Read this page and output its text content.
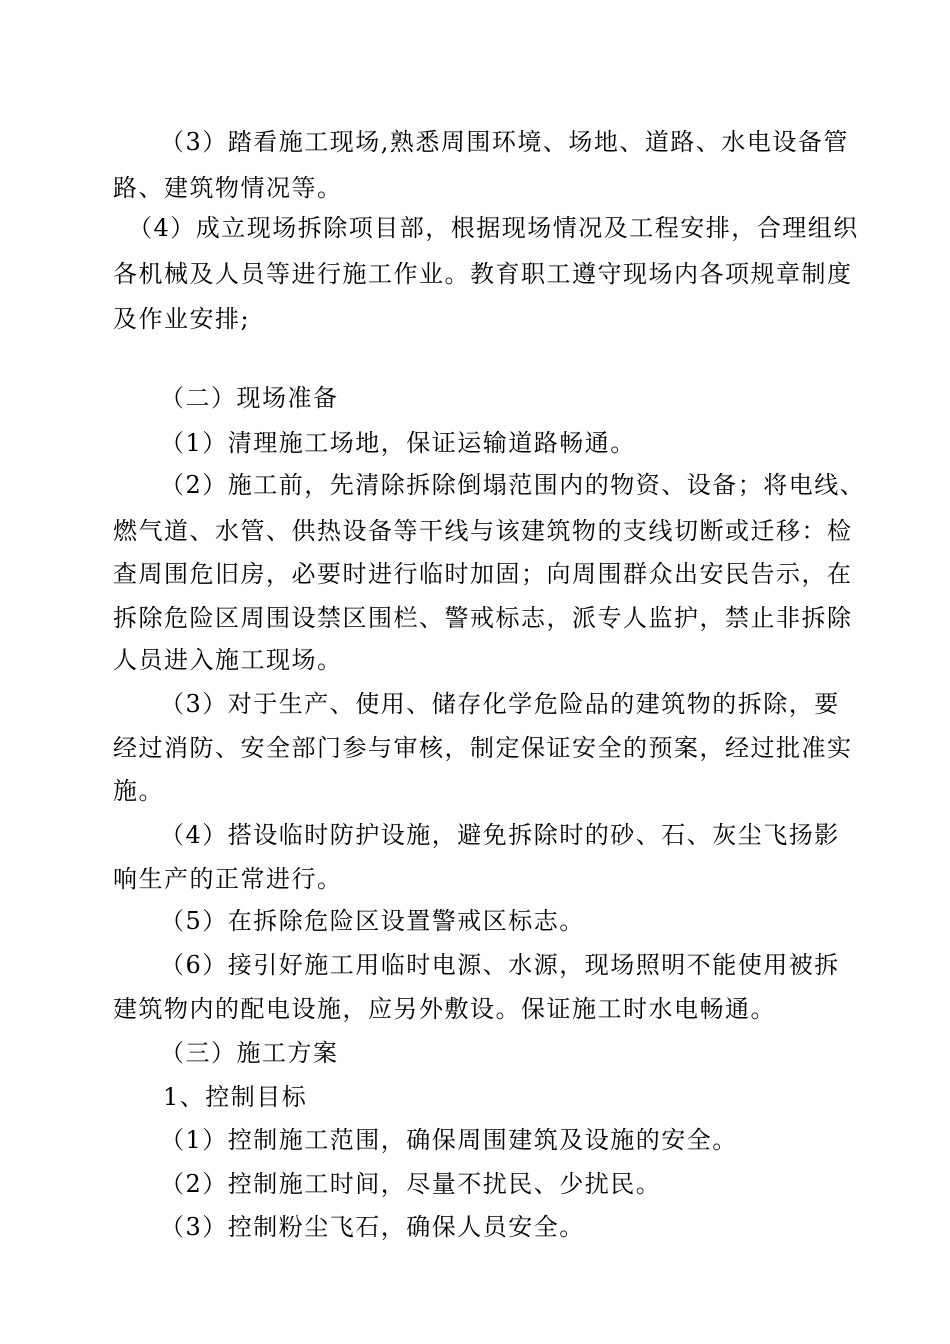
（3）踏看施工现场,熟悉周围环境、场地、道路、水电设备管
路、建筑物情况等。
（4）成立现场拆除项目部，根据现场情况及工程安排，合理组织
各机械及人员等进行施工作业。教育职工遵守现场内各项规章制度
及作业安排;
（二）现场准备
（1）清理施工场地，保证运输道路畅通。
（2）施工前，先清除拆除倒塌范围内的物资、设备；将电线、
燃气道、水管、供热设备等干线与该建筑物的支线切断或迁移：检
查周围危旧房，必要时进行临时加固；向周围群众出安民告示，在
拆除危险区周围设禁区围栏、警戒标志，派专人监护，禁止非拆除
人员进入施工现场。
（3）对于生产、使用、储存化学危险品的建筑物的拆除，要
经过消防、安全部门参与审核，制定保证安全的预案，经过批准实
施。
（4）搭设临时防护设施，避免拆除时的砂、石、灰尘飞扬影
响生产的正常进行。
（5）在拆除危险区设置警戒区标志。
（6）接引好施工用临时电源、水源，现场照明不能使用被拆
建筑物内的配电设施，应另外敷设。保证施工时水电畅通。
（三）施工方案
1、控制目标
（1）控制施工范围，确保周围建筑及设施的安全。
（2）控制施工时间，尽量不扰民、少扰民。
（3）控制粉尘飞石，确保人员安全。
